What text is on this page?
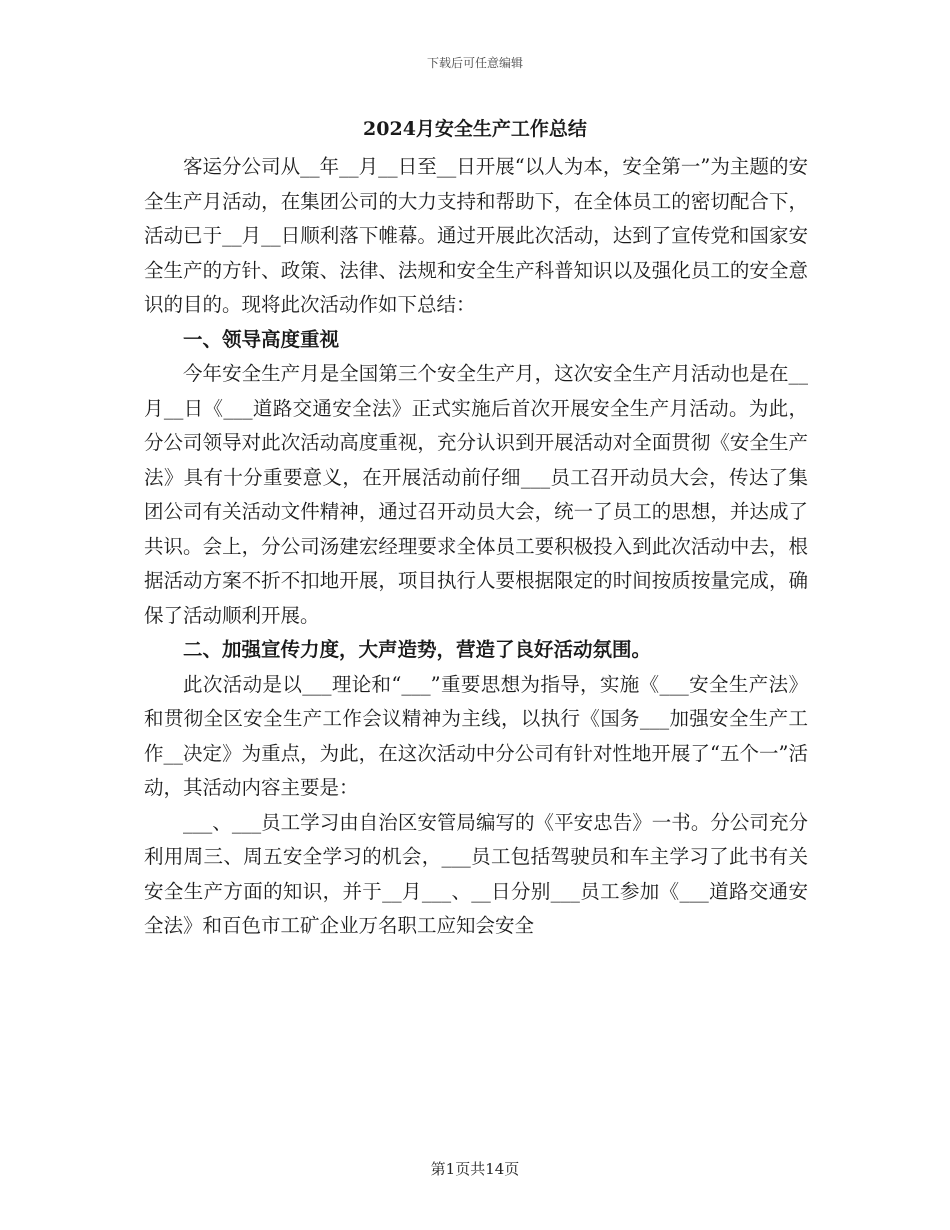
下载后可任意编辑
2024月安全生产工作总结

客运分公司从__年__月__日至__日开展“以人为本，安全第一”为主题的安全生产月活动，在集团公司的大力支持和帮助下，在全体员工的密切配合下，活动已于__月__日顺利落下帷幕。通过开展此次活动，达到了宣传党和国家安全生产的方针、政策、法律、法规和安全生产科普知识以及强化员工的安全意识的目的。现将此次活动作如下总结：

一、领导高度重视

今年安全生产月是全国第三个安全生产月，这次安全生产月活动也是在__月__日《___道路交通安全法》正式实施后首次开展安全生产月活动。为此，分公司领导对此次活动高度重视，充分认识到开展活动对全面贯彻《安全生产法》具有十分重要意义，在开展活动前仔细___员工召开动员大会，传达了集团公司有关活动文件精神，通过召开动员大会，统一了员工的思想，并达成了共识。会上，分公司汤建宏经理要求全体员工要积极投入到此次活动中去，根据活动方案不折不扣地开展，项目执行人要根据限定的时间按质按量完成，确保了活动顺利开展。

二、加强宣传力度，大声造势，营造了良好活动氛围。

此次活动是以___理论和“___”重要思想为指导，实施《___安全生产法》和贯彻全区安全生产工作会议精神为主线，以执行《国务___加强安全生产工作__决定》为重点，为此，在这次活动中分公司有针对性地开展了“五个一”活动，其活动内容主要是：

___、___员工学习由自治区安管局编写的《平安忠告》一书。分公司充分利用周三、周五安全学习的机会，___员工包括驾驶员和车主学习了此书有关安全生产方面的知识，并于__月___、__日分别___员工参加《___道路交通安全法》和百色市工矿企业万名职工应知会安全

第1页共14页
